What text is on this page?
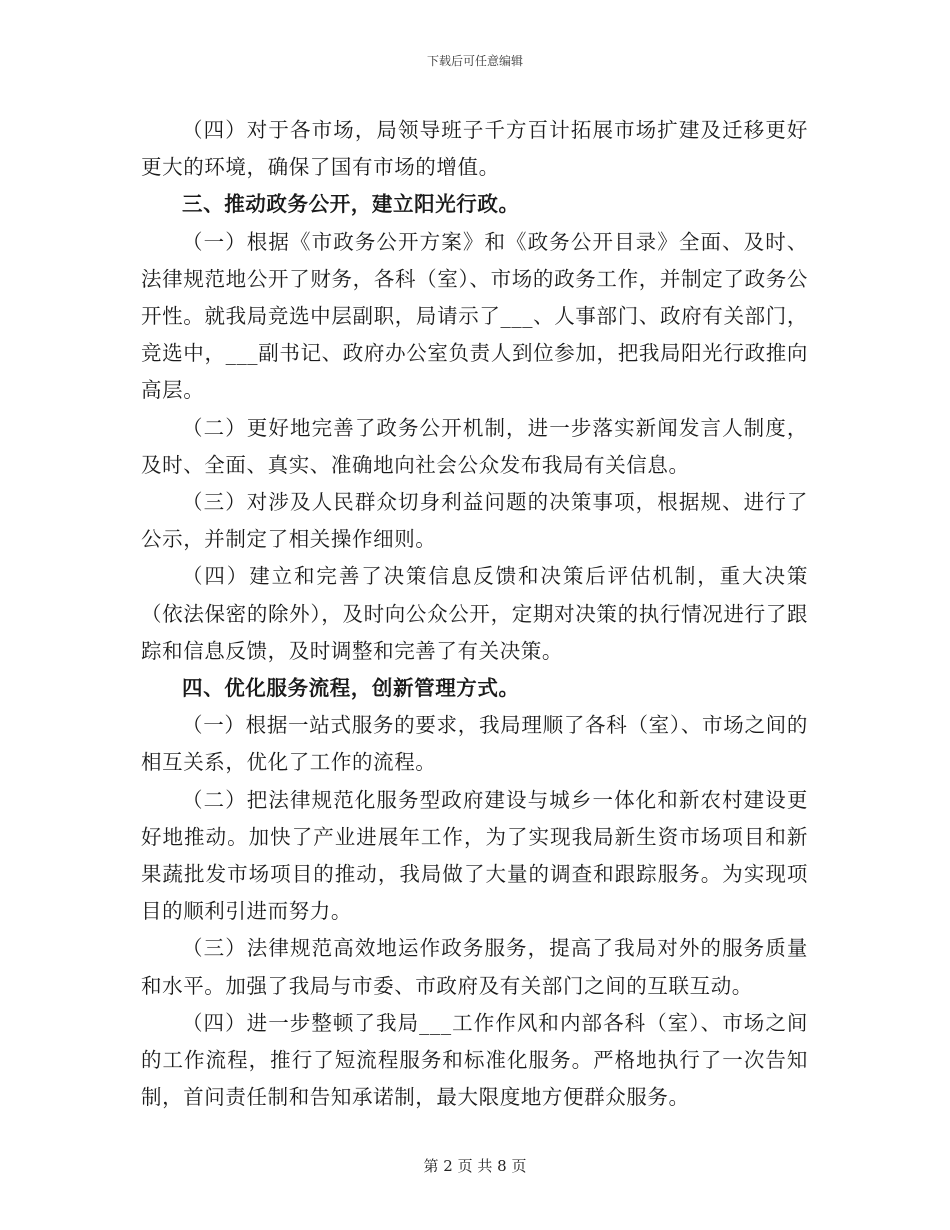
下载后可任意编辑

（四）对于各市场，局领导班子千方百计拓展市场扩建及迁移更好更大的环境，确保了国有市场的增值。

三、推动政务公开，建立阳光行政。

（一）根据《市政务公开方案》和《政务公开目录》全面、及时、法律规范地公开了财务，各科（室）、市场的政务工作，并制定了政务公开性。就我局竞选中层副职，局请示了___、人事部门、政府有关部门，竞选中，___副书记、政府办公室负责人到位参加，把我局阳光行政推向高层。

（二）更好地完善了政务公开机制，进一步落实新闻发言人制度，及时、全面、真实、准确地向社会公众发布我局有关信息。

（三）对涉及人民群众切身利益问题的决策事项，根据规、进行了公示，并制定了相关操作细则。

（四）建立和完善了决策信息反馈和决策后评估机制，重大决策（依法保密的除外），及时向公众公开，定期对决策的执行情况进行了跟踪和信息反馈，及时调整和完善了有关决策。

四、优化服务流程，创新管理方式。

（一）根据一站式服务的要求，我局理顺了各科（室）、市场之间的相互关系，优化了工作的流程。

（二）把法律规范化服务型政府建设与城乡一体化和新农村建设更好地推动。加快了产业进展年工作，为了实现我局新生资市场项目和新果蔬批发市场项目的推动，我局做了大量的调查和跟踪服务。为实现项目的顺利引进而努力。

（三）法律规范高效地运作政务服务，提高了我局对外的服务质量和水平。加强了我局与市委、市政府及有关部门之间的互联互动。

（四）进一步整顿了我局___工作作风和内部各科（室）、市场之间的工作流程，推行了短流程服务和标准化服务。严格地执行了一次告知制，首问责任制和告知承诺制，最大限度地方便群众服务。

第 2 页 共 8 页
